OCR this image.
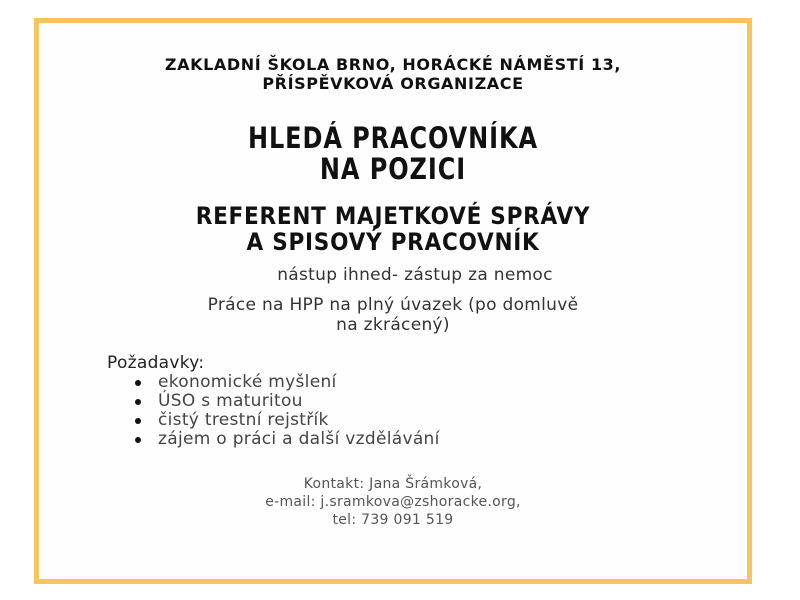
ZAKLADNÍ ŠKOLA BRNO, HORÁCKÉ NÁMĚSTÍ 13,
PŘÍSPĚVKOVÁ ORGANIZACE
HLEDÁ PRACOVNÍKA
NA POZICI
REFERENT MAJETKOVÉ SPRÁVY
A SPISOVÝ PRACOVNÍK
nástup ihned- zástup za nemoc
Práce na HPP na plný úvazek (po domluvě
na zkrácený)
Požadavky:
ekonomické myšlení
ÚSO s maturitou
čistý trestní rejstřík
zájem o práci a další vzdělávání
Kontakt: Jana Šrámková,
e-mail: j.sramkova@zshoracke.org,
tel: 739 091 519
